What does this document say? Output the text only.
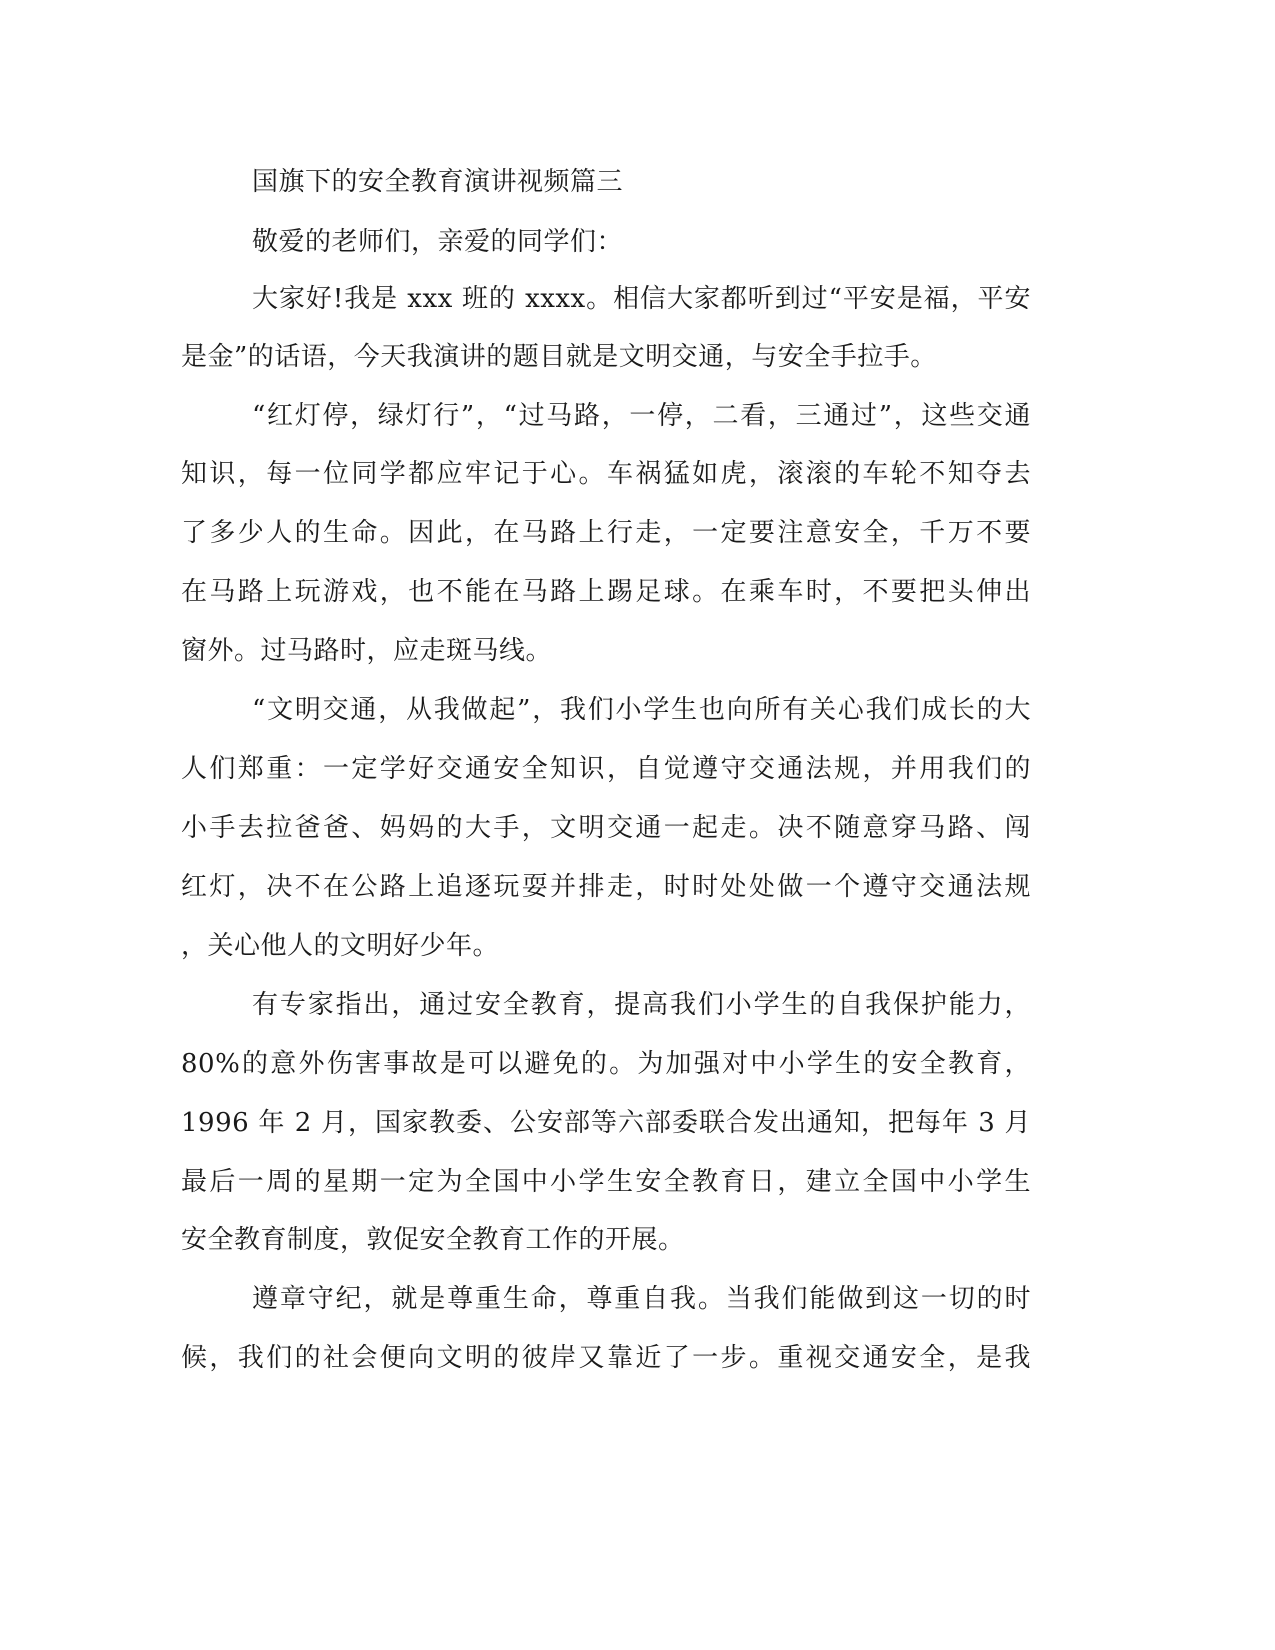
国旗下的安全教育演讲视频篇三
敬爱的老师们，亲爱的同学们：
大家好!我是 xxx 班的 xxxx。相信大家都听到过“平安是福，平安
是金”的话语，今天我演讲的题目就是文明交通，与安全手拉手。
“红灯停，绿灯行”，“过马路，一停，二看，三通过”，这些交通
知识，每一位同学都应牢记于心。车祸猛如虎，滚滚的车轮不知夺去
了多少人的生命。因此，在马路上行走，一定要注意安全，千万不要
在马路上玩游戏，也不能在马路上踢足球。在乘车时，不要把头伸出
窗外。过马路时，应走斑马线。
“文明交通，从我做起”，我们小学生也向所有关心我们成长的大
人们郑重：一定学好交通安全知识，自觉遵守交通法规，并用我们的
小手去拉爸爸、妈妈的大手，文明交通一起走。决不随意穿马路、闯
红灯，决不在公路上追逐玩耍并排走，时时处处做一个遵守交通法规
，关心他人的文明好少年。
有专家指出，通过安全教育，提高我们小学生的自我保护能力，
80%的意外伤害事故是可以避免的。为加强对中小学生的安全教育，
1996 年 2 月，国家教委、公安部等六部委联合发出通知，把每年 3 月
最后一周的星期一定为全国中小学生安全教育日，建立全国中小学生
安全教育制度，敦促安全教育工作的开展。
遵章守纪，就是尊重生命，尊重自我。当我们能做到这一切的时
候，我们的社会便向文明的彼岸又靠近了一步。重视交通安全，是我
